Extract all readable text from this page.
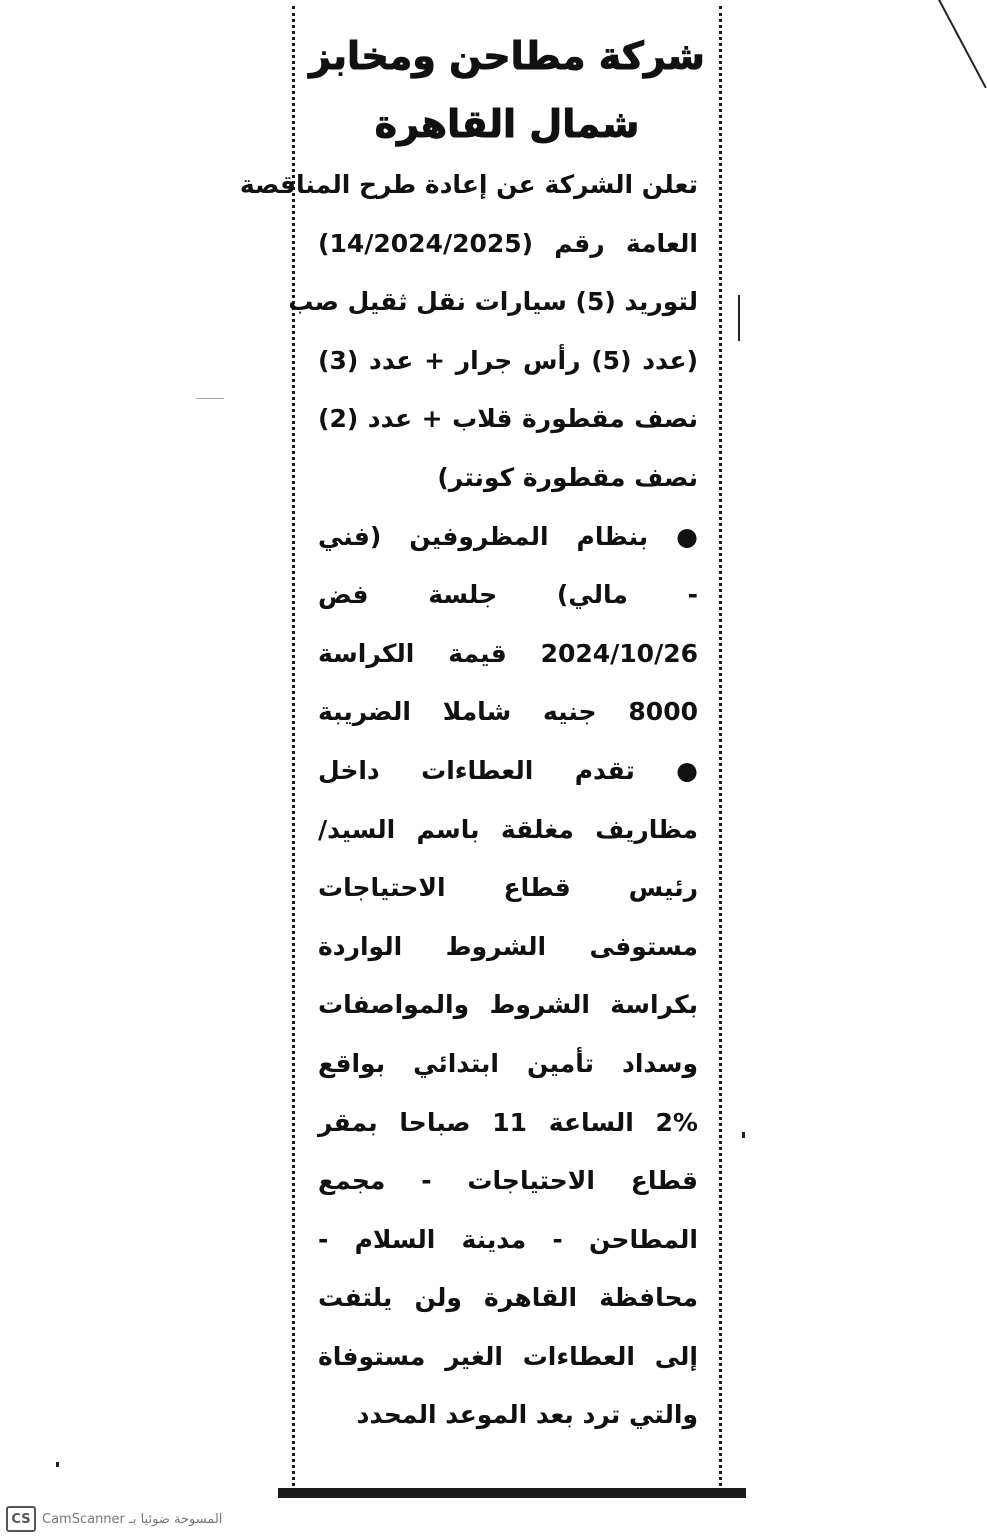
شركة مطاحن ومخابز
شمال القاهرة
تعلن الشركة عن إعادة طرح المناقصة
العامة رقم (14/2024/2025)
لتوريد (5) سيارات نقل ثقيل صب
(عدد (5) رأس جرار + عدد (3)
نصف مقطورة قلاب + عدد (2)
نصف مقطورة كونتر)
● بنظام المظروفين (فني
- مالي) جلسة فض
2024/10/26 قيمة الكراسة
8000 جنيه شاملا الضريبة
● تقدم العطاءات داخل
مظاريف مغلقة باسم السيد/
رئيس قطاع الاحتياجات
مستوفى الشروط الواردة
بكراسة الشروط والمواصفات
وسداد تأمين ابتدائي بواقع
2% الساعة 11 صباحا بمقر
قطاع الاحتياجات - مجمع
المطاحن - مدينة السلام -
محافظة القاهرة ولن يلتفت
إلى العطاءات الغير مستوفاة
والتي ترد بعد الموعد المحدد
CS المسوحة ضوئيا بـ CamScanner
